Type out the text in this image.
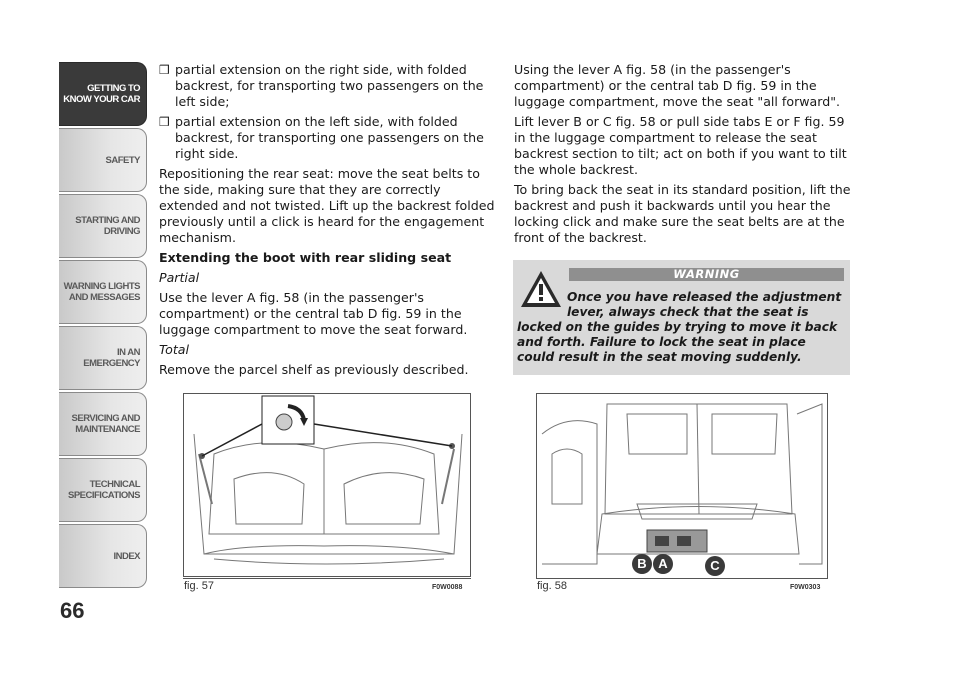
GETTING TO
KNOW YOUR CAR
SAFETY
STARTING AND
DRIVING
WARNING LIGHTS
AND MESSAGES
IN AN EMERGENCY
SERVICING AND
MAINTENANCE
TECHNICAL
SPECIFICATIONS
INDEX
66
❒ partial extension on the right side, with folded backrest, for transporting two passengers on the left side;
❒ partial extension on the left side, with folded backrest, for transporting one passengers on the right side.

Repositioning the rear seat: move the seat belts to the side, making sure that they are correctly extended and not twisted. Lift up the backrest folded previously until a click is heard for the engagement mechanism.

Extending the boot with rear sliding seat

Partial

Use the lever A fig. 58 (in the passenger's compartment) or the central tab D fig. 59 in the luggage compartment to move the seat forward.

Total

Remove the parcel shelf as previously described.

Using the lever A fig. 58 (in the passenger's compartment) or the central tab D fig. 59 in the luggage compartment, move the seat "all forward".

Lift lever B or C fig. 58 or pull side tabs E or F fig. 59 in the luggage compartment to release the seat backrest section to tilt; act on both if you want to tilt the whole backrest.

To bring back the seat in its standard position, lift the backrest and push it backwards until you hear the locking click and make sure the seat belts are at the front of the backrest.

WARNING
Once you have released the adjustment lever, always check that the seat is
locked on the guides by trying to move it back and forth. Failure to lock the seat in place could result in the seat moving suddenly.
fig. 57	F0W0088
B A	C
fig. 58	F0W0303
